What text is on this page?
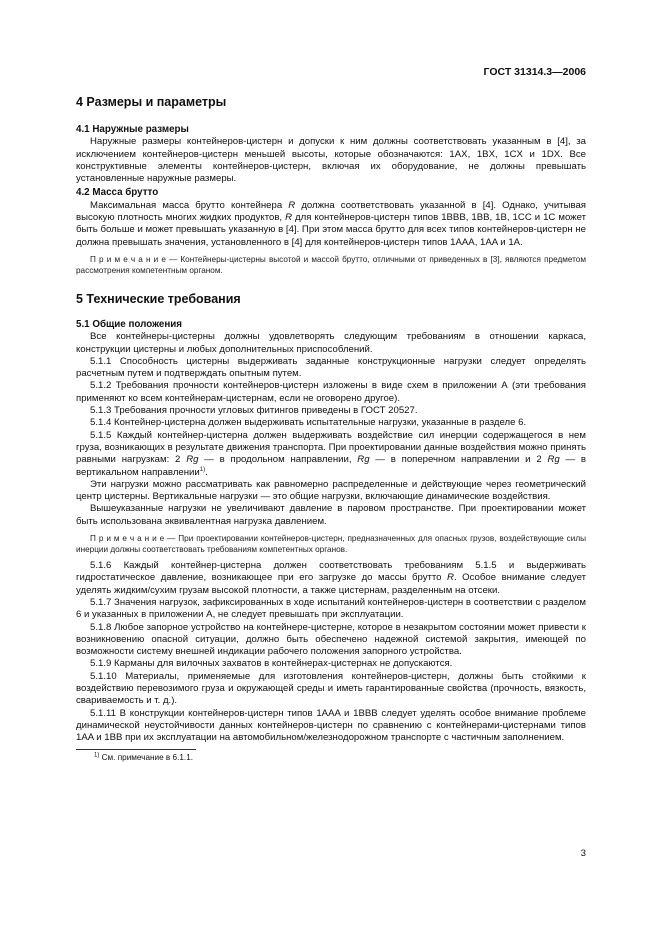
ГОСТ 31314.3—2006
4 Размеры и параметры
4.1 Наружные размеры

Наружные размеры контейнеров-цистерн и допуски к ним должны соответствовать указанным в [4], за исключением контейнеров-цистерн меньшей высоты, которые обозначаются: 1AX, 1BX, 1CX и 1DX. Все конструктивные элементы контейнеров-цистерн, включая их оборудование, не должны превышать установленные наружные размеры.

4.2 Масса брутто

Максимальная масса брутто контейнера R должна соответствовать указанной в [4]. Однако, учитывая высокую плотность многих жидких продуктов, R для контейнеров-цистерн типов 1BBB, 1BB, 1B, 1CC и 1C может быть больше и может превышать указанную в [4]. При этом масса брутто для всех типов контейнеров-цистерн не должна превышать значения, установленного в [4] для контейнеров-цистерн типов 1AAA, 1AA и 1A.

П р и м е ч а н и е — Контейнеры-цистерны высотой и массой брутто, отличными от приведенных в [3], являются предметом рассмотрения компетентным органом.

5 Технические требования
5.1 Общие положения

Все контейнеры-цистерны должны удовлетворять следующим требованиям в отношении каркаса, конструкции цистерны и любых дополнительных приспособлений.

5.1.1 Способность цистерны выдерживать заданные конструкционные нагрузки следует определять расчетным путем и подтверждать опытным путем.

5.1.2 Требования прочности контейнеров-цистерн изложены в виде схем в приложении А (эти требования применяют ко всем контейнерам-цистернам, если не оговорено другое).

5.1.3 Требования прочности угловых фитингов приведены в ГОСТ 20527.

5.1.4 Контейнер-цистерна должен выдерживать испытательные нагрузки, указанные в разделе 6.

5.1.5 Каждый контейнер-цистерна должен выдерживать воздействие сил инерции содержащегося в нем груза, возникающих в результате движения транспорта. При проектировании данные воздействия можно принять равными нагрузкам: 2 Rg — в продольном направлении, Rg — в поперечном направлении и 2 Rg — в вертикальном направлении$^{1)}$.

Эти нагрузки можно рассматривать как равномерно распределенные и действующие через геометрический центр цистерны. Вертикальные нагрузки — это общие нагрузки, включающие динамические воздействия.

Вышеуказанные нагрузки не увеличивают давление в паровом пространстве. При проектировании может быть использована эквивалентная нагрузка давлением.

П р и м е ч а н и е — При проектировании контейнеров-цистерн, предназначенных для опасных грузов, воздействующие силы инерции должны соответствовать требованиям компетентных органов.

5.1.6 Каждый контейнер-цистерна должен соответствовать требованиям 5.1.5 и выдерживать гидростатическое давление, возникающее при его загрузке до массы брутто R. Особое внимание следует уделять жидким/сухим грузам высокой плотности, а также цистернам, разделенным на отсеки.

5.1.7 Значения нагрузок, зафиксированных в ходе испытаний контейнеров-цистерн в соответствии с разделом 6 и указанных в приложении А, не следует превышать при эксплуатации.

5.1.8 Любое запорное устройство на контейнере-цистерне, которое в незакрытом состоянии может привести к возникновению опасной ситуации, должно быть обеспечено надежной системой закрытия, имеющей по возможности систему внешней индикации рабочего положения запорного устройства.

5.1.9 Карманы для вилочных захватов в контейнерах-цистернах не допускаются.

5.1.10 Материалы, применяемые для изготовления контейнеров-цистерн, должны быть стойкими к воздействию перевозимого груза и окружающей среды и иметь гарантированные свойства (прочность, вязкость, свариваемость и т. д.).

5.1.11 В конструкции контейнеров-цистерн типов 1AAA и 1BBB следует уделять особое внимание проблеме динамической неустойчивости данных контейнеров-цистерн по сравнению с контейнерами-цистернами типов 1AA и 1BB при их эксплуатации на автомобильном/железнодорожном транспорте с частичным заполнением.

$^{1)}$ См. примечание в 6.1.1.
3
